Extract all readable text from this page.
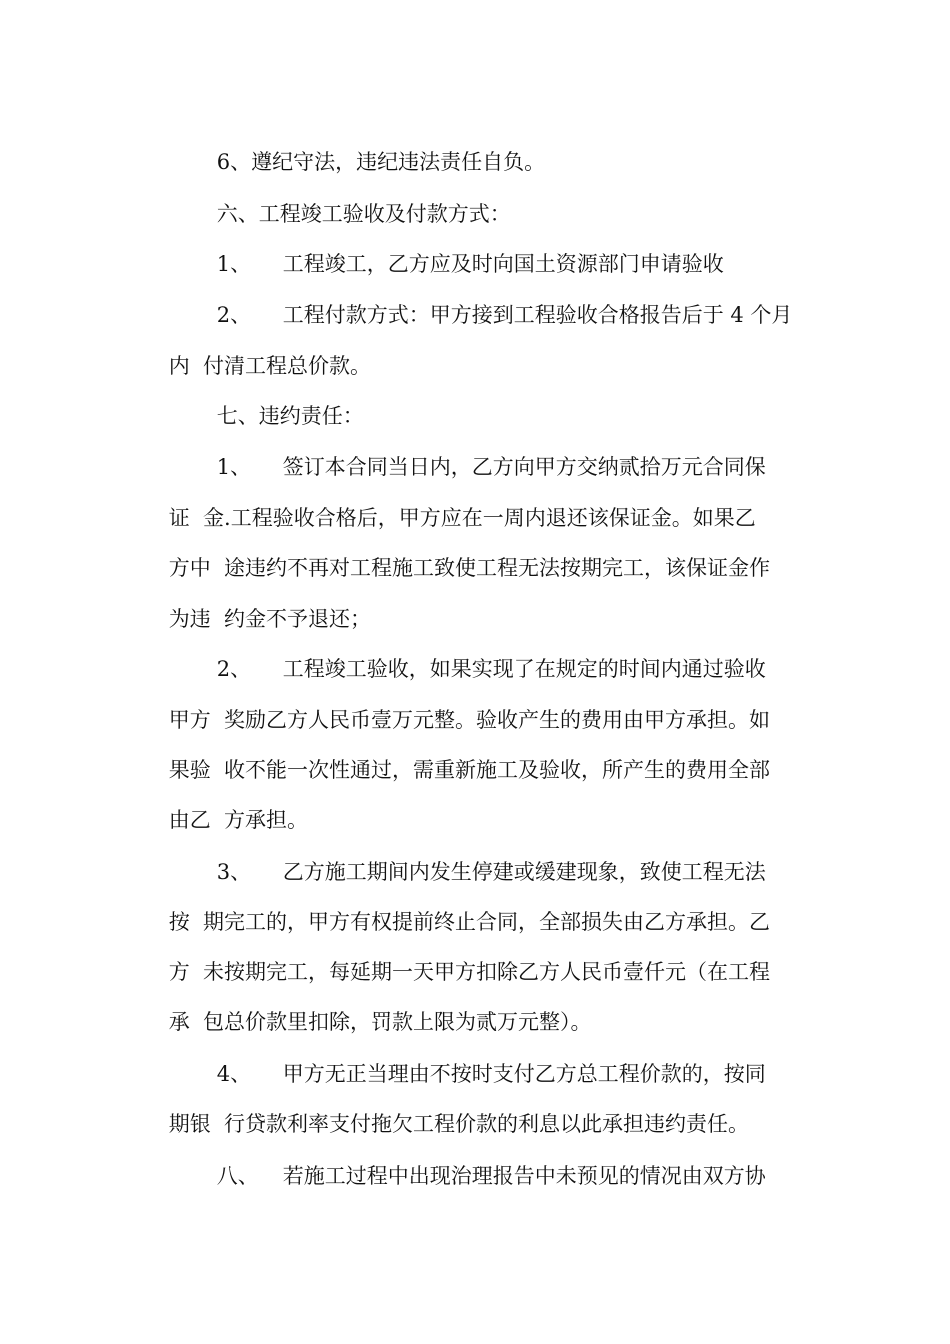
6、遵纪守法，违纪违法责任自负。

六、工程竣工验收及付款方式：

1、 工程竣工，乙方应及时向国土资源部门申请验收

2、 工程付款方式：甲方接到工程验收合格报告后于 4 个月

内  付清工程总价款。

七、违约责任：

1、 签订本合同当日内，乙方向甲方交纳贰拾万元合同保

证  金.工程验收合格后，甲方应在一周内退还该保证金。如果乙

方中  途违约不再对工程施工致使工程无法按期完工，该保证金作

为违  约金不予退还；

2、 工程竣工验收，如果实现了在规定的时间内通过验收

甲方  奖励乙方人民币壹万元整。验收产生的费用由甲方承担。如

果验  收不能一次性通过，需重新施工及验收，所产生的费用全部

由乙  方承担。

3、 乙方施工期间内发生停建或缓建现象，致使工程无法

按  期完工的，甲方有权提前终止合同，全部损失由乙方承担。乙

方  未按期完工，每延期一天甲方扣除乙方人民币壹仟元（在工程

承  包总价款里扣除，罚款上限为贰万元整）。

4、 甲方无正当理由不按时支付乙方总工程价款的，按同

期银  行贷款利率支付拖欠工程价款的利息以此承担违约责任。

八、 若施工过程中出现治理报告中未预见的情况由双方协
